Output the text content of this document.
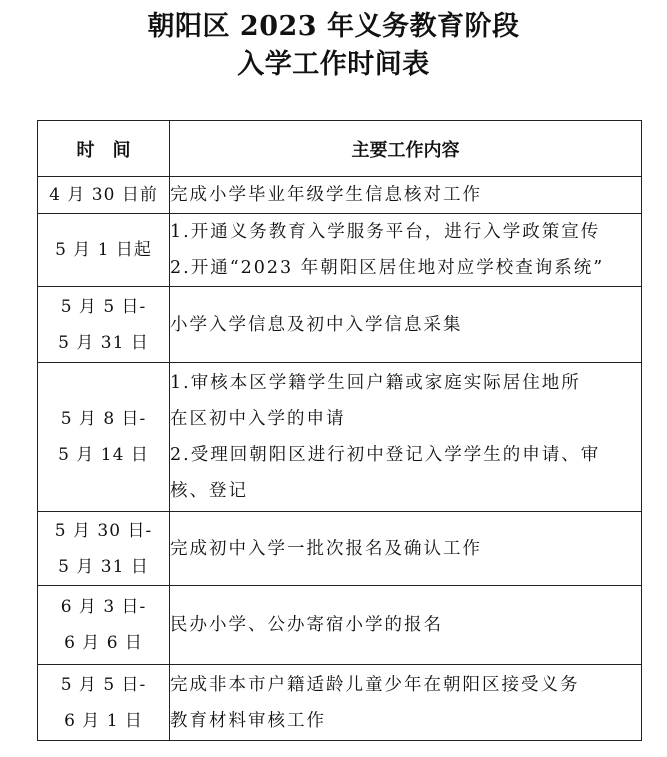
朝阳区 2023 年义务教育阶段
入学工作时间表
时　间	主要工作内容
4 月 30 日前	完成小学毕业年级学生信息核对工作

5 月 1 日起	1.开通义务教育入学服务平台，进行入学政策宣传
2.开通“2023 年朝阳区居住地对应学校查询系统”

5 月 5 日-
5 月 31 日	小学入学信息及初中入学信息采集

5 月 8 日-
5 月 14 日	1.审核本区学籍学生回户籍或家庭实际居住地所
在区初中入学的申请
2.受理回朝阳区进行初中登记入学学生的申请、审
核、登记

5 月 30 日-
5 月 31 日	完成初中入学一批次报名及确认工作

6 月 3 日-
6 月 6 日	民办小学、公办寄宿小学的报名

5 月 5 日-
6 月 1 日	完成非本市户籍适龄儿童少年在朝阳区接受义务
教育材料审核工作
